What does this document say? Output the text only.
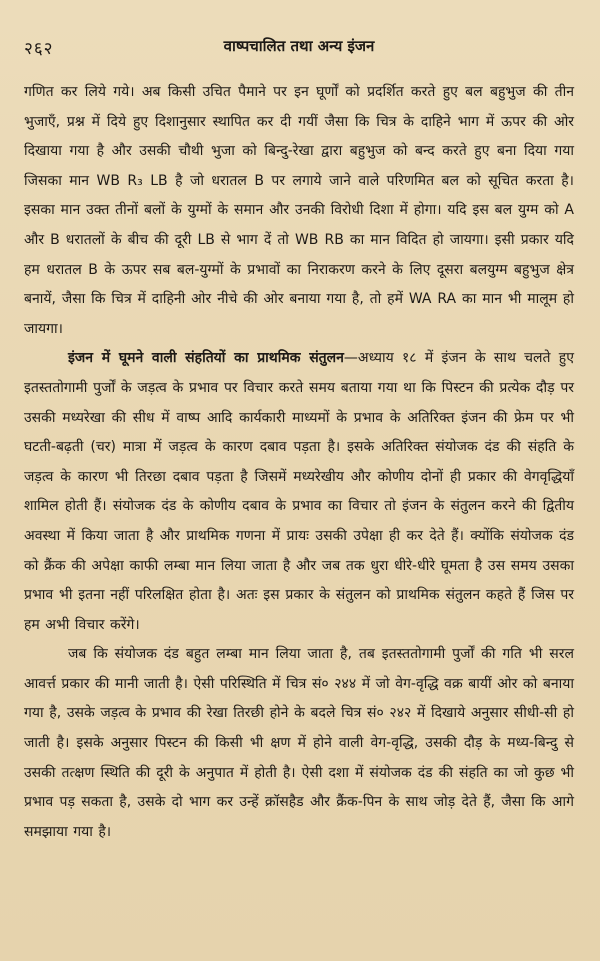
२६२	वाष्पचालित तथा अन्य इंजन

गणित कर लिये गये। अब किसी उचित पैमाने पर इन घूर्णों को प्रदर्शित करते हुए बल बहुभुज की तीन भुजाएँ, प्रश्न में दिये हुए दिशानुसार स्थापित कर दी गयीं जैसा कि चित्र के दाहिने भाग में ऊपर की ओर दिखाया गया है और उसकी चौथी भुजा को बिन्दु-रेखा द्वारा बहुभुज को बन्द करते हुए बना दिया गया जिसका मान WB R₃ LB है जो धरातल B पर लगाये जाने वाले परिणमित बल को सूचित करता है। इसका मान उक्त तीनों बलों के युग्मों के समान और उनकी विरोधी दिशा में होगा। यदि इस बल युग्म को A और B धरातलों के बीच की दूरी LB से भाग दें तो WB RB का मान विदित हो जायगा। इसी प्रकार यदि हम धरातल B के ऊपर सब बल-युग्मों के प्रभावों का निराकरण करने के लिए दूसरा बलयुग्म बहुभुज क्षेत्र बनायें, जैसा कि चित्र में दाहिनी ओर नीचे की ओर बनाया गया है, तो हमें WA RA का मान भी मालूम हो जायगा।

इंजन में घूमने वाली संहतियों का प्राथमिक संतुलन—अध्याय १८ में इंजन के साथ चलते हुए इतस्ततोगामी पुर्जों के जड़त्व के प्रभाव पर विचार करते समय बताया गया था कि पिस्टन की प्रत्येक दौड़ पर उसकी मध्यरेखा की सीध में वाष्प आदि कार्यकारी माध्यमों के प्रभाव के अतिरिक्त इंजन की फ्रेम पर भी घटती-बढ़ती (चर) मात्रा में जड़त्व के कारण दबाव पड़ता है। इसके अतिरिक्त संयोजक दंड की संहति के जड़त्व के कारण भी तिरछा दबाव पड़ता है जिसमें मध्यरेखीय और कोणीय दोनों ही प्रकार की वेगवृद्धियाँ शामिल होती हैं। संयोजक दंड के कोणीय दबाव के प्रभाव का विचार तो इंजन के संतुलन करने की द्वितीय अवस्था में किया जाता है और प्राथमिक गणना में प्रायः उसकी उपेक्षा ही कर देते हैं। क्योंकि संयोजक दंड को क्रैंक की अपेक्षा काफी लम्बा मान लिया जाता है और जब तक धुरा धीरे-धीरे घूमता है उस समय उसका प्रभाव भी इतना नहीं परिलक्षित होता है। अतः इस प्रकार के संतुलन को प्राथमिक संतुलन कहते हैं जिस पर हम अभी विचार करेंगे।

जब कि संयोजक दंड बहुत लम्बा मान लिया जाता है, तब इतस्ततोगामी पुर्जों की गति भी सरल आवर्त्त प्रकार की मानी जाती है। ऐसी परिस्थिति में चित्र सं० २४४ में जो वेग-वृद्धि वक्र बायीं ओर को बनाया गया है, उसके जड़त्व के प्रभाव की रेखा तिरछी होने के बदले चित्र सं० २४२ में दिखाये अनुसार सीधी-सी हो जाती है। इसके अनुसार पिस्टन की किसी भी क्षण में होने वाली वेग-वृद्धि, उसकी दौड़ के मध्य-बिन्दु से उसकी तत्क्षण स्थिति की दूरी के अनुपात में होती है। ऐसी दशा में संयोजक दंड की संहति का जो कुछ भी प्रभाव पड़ सकता है, उसके दो भाग कर उन्हें क्रॉसहैड और क्रैंक-पिन के साथ जोड़ देते हैं, जैसा कि आगे समझाया गया है।
